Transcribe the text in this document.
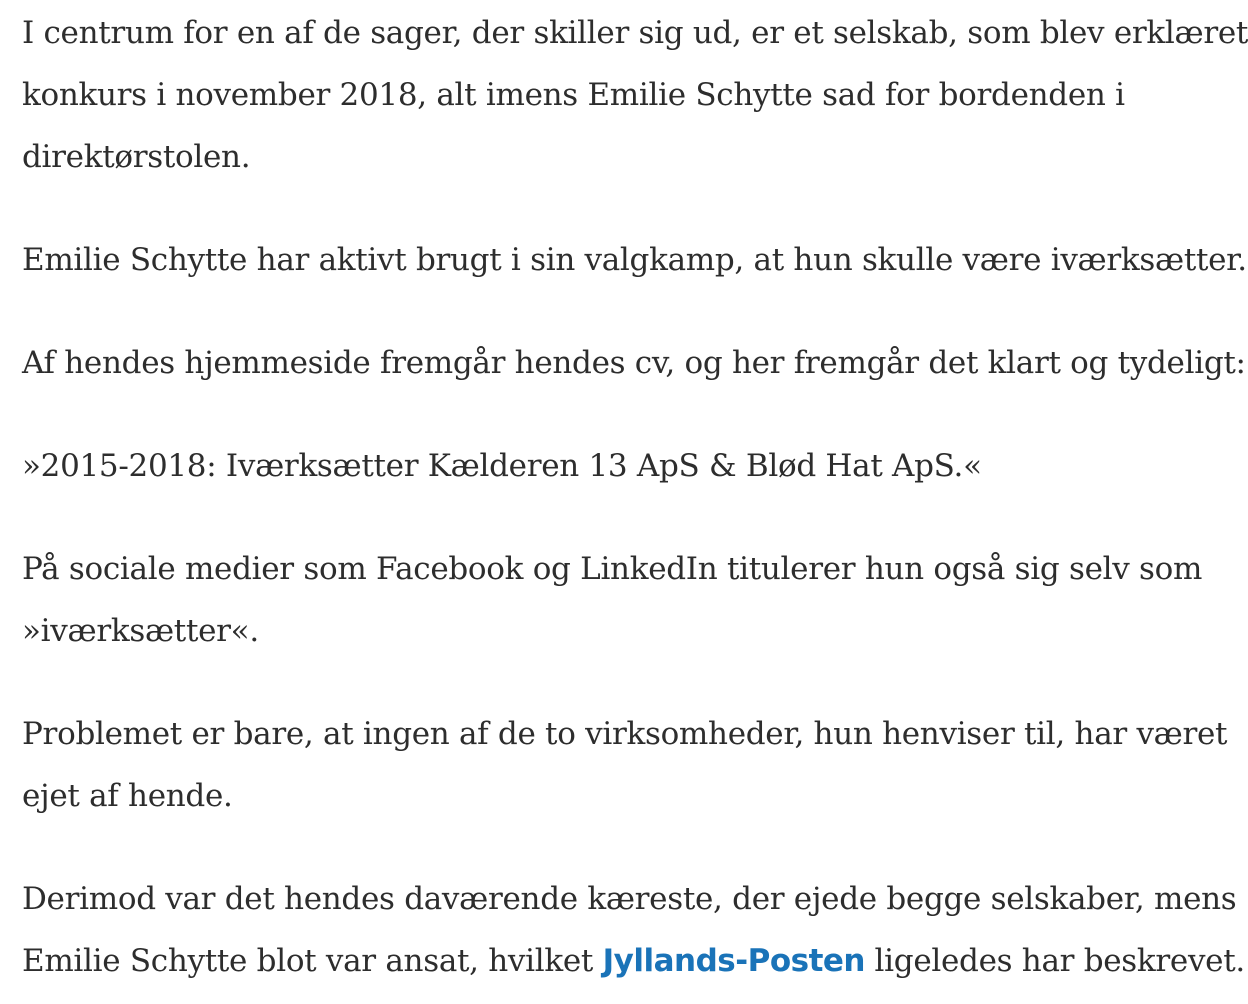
I centrum for en af de sager, der skiller sig ud, er et selskab, som blev erklæret
konkurs i november 2018, alt imens Emilie Schytte sad for bordenden i
direktørstolen.

Emilie Schytte har aktivt brugt i sin valgkamp, at hun skulle være iværksætter.

Af hendes hjemmeside fremgår hendes cv, og her fremgår det klart og tydeligt:

»2015-2018: Iværksætter Kælderen 13 ApS & Blød Hat ApS.«

På sociale medier som Facebook og LinkedIn titulerer hun også sig selv som
»iværksætter«.

Problemet er bare, at ingen af de to virksomheder, hun henviser til, har været
ejet af hende.

Derimod var det hendes daværende kæreste, der ejede begge selskaber, mens
Emilie Schytte blot var ansat, hvilket Jyllands-Posten ligeledes har beskrevet.
